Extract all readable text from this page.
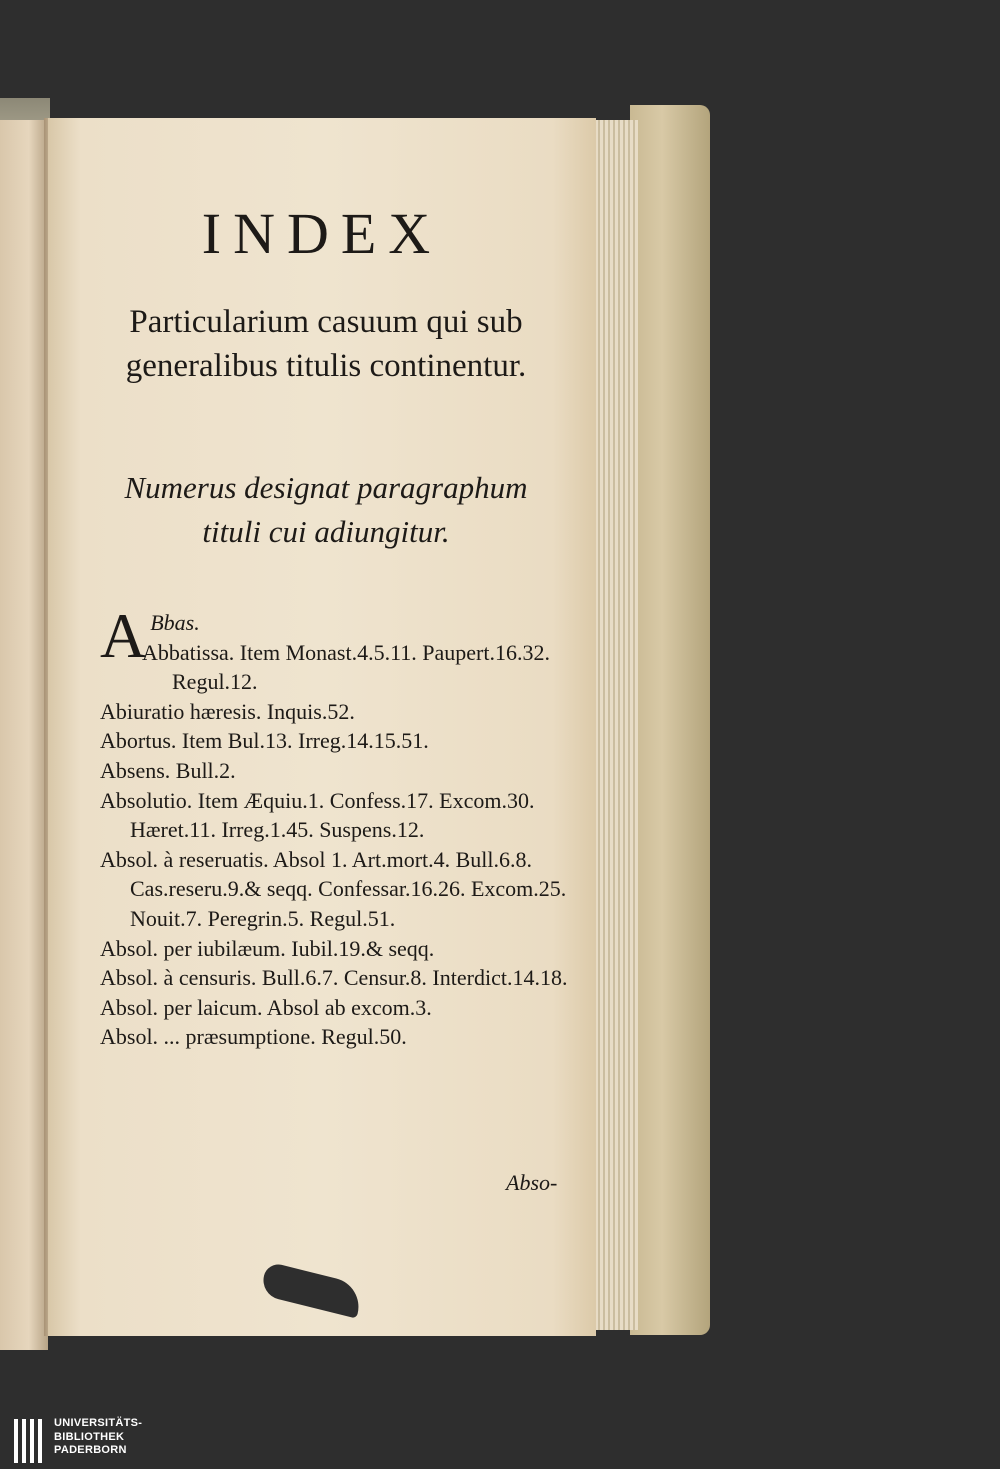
INDEX
Particularium casuum qui sub generalibus titulis continentur.
Numerus designat paragraphum tituli cui adiungitur.

A Bbas.

Abbatissa. Item Monast.4.5.11. Paupert.16.32. Regul.12.

Abiuratio hæresis. Inquis.52.

Abortus. Item Bul.13. Irreg.14.15.51.

Absens. Bull.2.

Absolutio. Item Æquiu.1. Confess.17. Excom.30. Hæret.11. Irreg.1.45. Suspens.12.

Absol. à reseruatis. Absol 1. Art.mort.4. Bull.6.8. Cas.reseru.9.& seqq. Confessar.16.26. Excom.25. Nouit.7. Peregrin.5. Regul.51.

Absol. per iubilæum. Iubil.19.& seqq.

Absol. à censuris. Bull.6.7. Censur.8. Interdict.14.18.

Absol. per laicum. Absol ab excom.3.

Absol. ... præsumptione. Regul.50.

Abso-
UNIVERSITÄTS-
BIBLIOTHEK
PADERBORN
